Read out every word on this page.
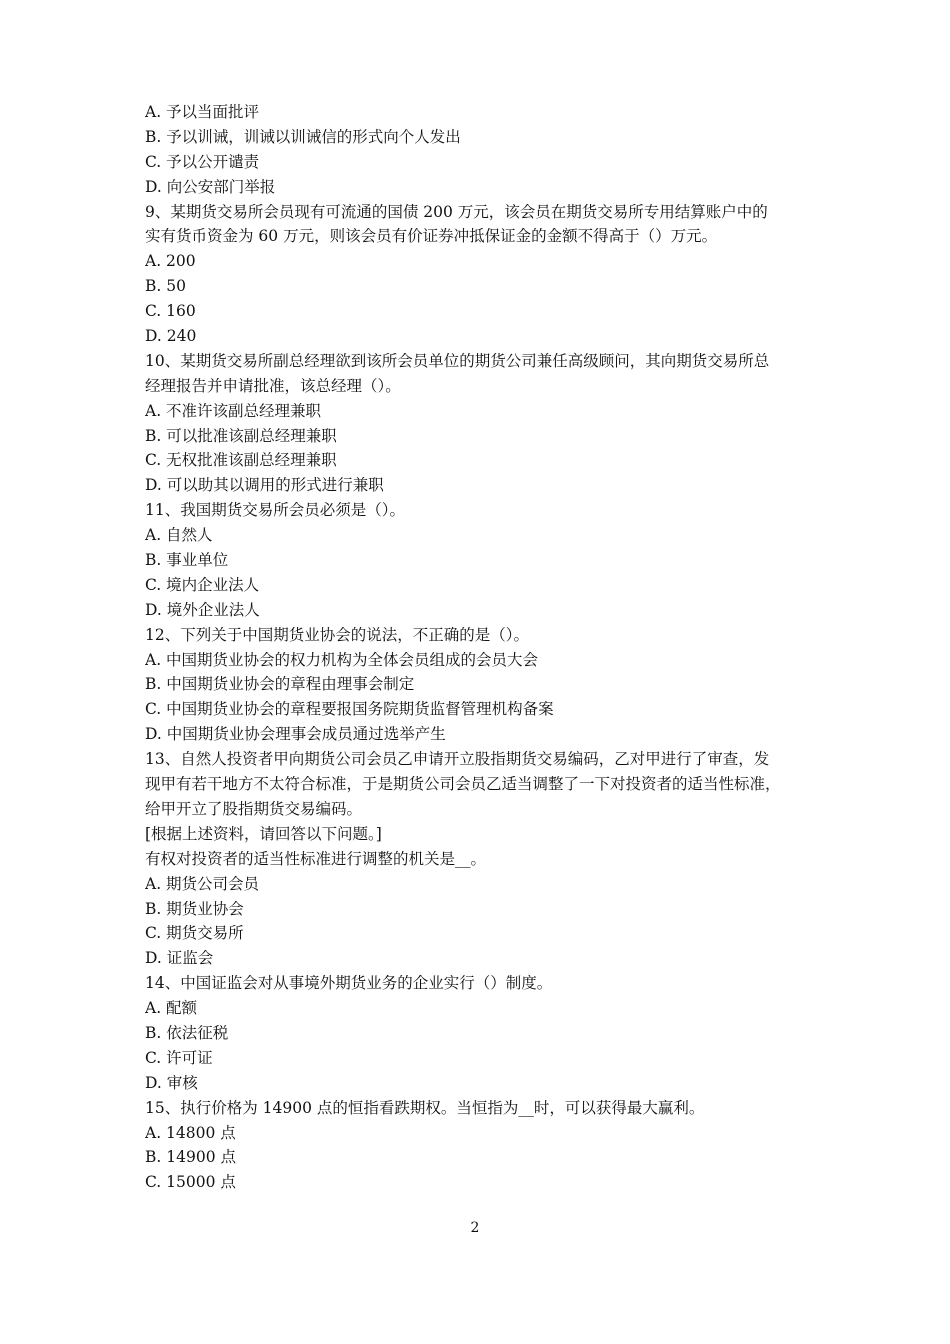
A. 予以当面批评
B. 予以训诫，训诫以训诫信的形式向个人发出
C. 予以公开谴责
D. 向公安部门举报
9、某期货交易所会员现有可流通的国债 200 万元，该会员在期货交易所专用结算账户中的
实有货币资金为 60 万元，则该会员有价证券冲抵保证金的金额不得高于（）万元。
A. 200
B. 50
C. 160
D. 240
10、某期货交易所副总经理欲到该所会员单位的期货公司兼任高级顾问，其向期货交易所总
经理报告并申请批准，该总经理（）。
A. 不准许该副总经理兼职
B. 可以批准该副总经理兼职
C. 无权批准该副总经理兼职
D. 可以助其以调用的形式进行兼职
11、我国期货交易所会员必须是（）。
A. 自然人
B. 事业单位
C. 境内企业法人
D. 境外企业法人
12、下列关于中国期货业协会的说法，不正确的是（）。
A. 中国期货业协会的权力机构为全体会员组成的会员大会
B. 中国期货业协会的章程由理事会制定
C. 中国期货业协会的章程要报国务院期货监督管理机构备案
D. 中国期货业协会理事会成员通过选举产生
13、自然人投资者甲向期货公司会员乙申请开立股指期货交易编码，乙对甲进行了审查，发
现甲有若干地方不太符合标准，于是期货公司会员乙适当调整了一下对投资者的适当性标准，
给甲开立了股指期货交易编码。
[根据上述资料，请回答以下问题。]
有权对投资者的适当性标准进行调整的机关是__。
A. 期货公司会员
B. 期货业协会
C. 期货交易所
D. 证监会
14、中国证监会对从事境外期货业务的企业实行（）制度。
A. 配额
B. 依法征税
C. 许可证
D. 审核
15、执行价格为 14900 点的恒指看跌期权。当恒指为__时，可以获得最大赢利。
A. 14800 点
B. 14900 点
C. 15000 点
2
